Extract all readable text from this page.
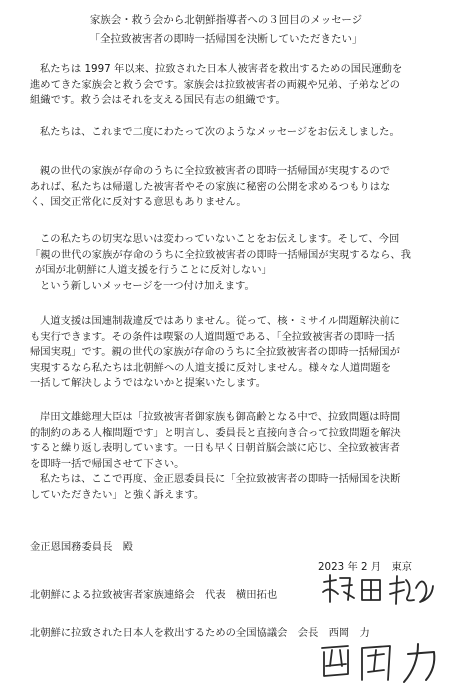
家族会・救う会から北朝鮮指導者への３回目のメッセージ
「全拉致被害者の即時一括帰国を決断していただきたい」
私たちは 1997 年以来、拉致された日本人被害者を救出するための国民運動を
進めてきた家族会と救う会です。家族会は拉致被害者の両親や兄弟、子弟などの
組織です。救う会はそれを支える国民有志の組織です。
私たちは、これまで二度にわたって次のようなメッセージをお伝えしました。
親の世代の家族が存命のうちに全拉致被害者の即時一括帰国が実現するので
あれば、私たちは帰還した被害者やその家族に秘密の公開を求めるつもりはな
く、国交正常化に反対する意思もありません。
この私たちの切実な思いは変わっていないことをお伝えします。そして、今回
「親の世代の家族が存命のうちに全拉致被害者の即時一括帰国が実現するなら、我
が国が北朝鮮に人道支援を行うことに反対しない」
という新しいメッセージを一つ付け加えます。
人道支援は国連制裁違反ではありません。従って、核・ミサイル問題解決前に
も実行できます。その条件は喫緊の人道問題である、「全拉致被害者の即時一括
帰国実現」です。親の世代の家族が存命のうちに全拉致被害者の即時一括帰国が
実現するなら私たちは北朝鮮への人道支援に反対しません。様々な人道問題を
一括して解決しようではないかと提案いたします。
岸田文雄総理大臣は「拉致被害者御家族も御高齢となる中で、拉致問題は時間
的制約のある人権問題です」と明言し、委員長と直接向き合って拉致問題を解決
すると繰り返し表明しています。一日も早く日朝首脳会談に応じ、全拉致被害者
を即時一括で帰国させて下さい。
私たちは、ここで再度、金正恩委員長に「全拉致被害者の即時一括帰国を決断
していただきたい」と強く訴えます。
金正恩国務委員長　殿
2023 年 2 月　東京
北朝鮮による拉致被害者家族連絡会　代表　横田拓也
北朝鮮に拉致された日本人を救出するための全国協議会　会長　西岡　力
